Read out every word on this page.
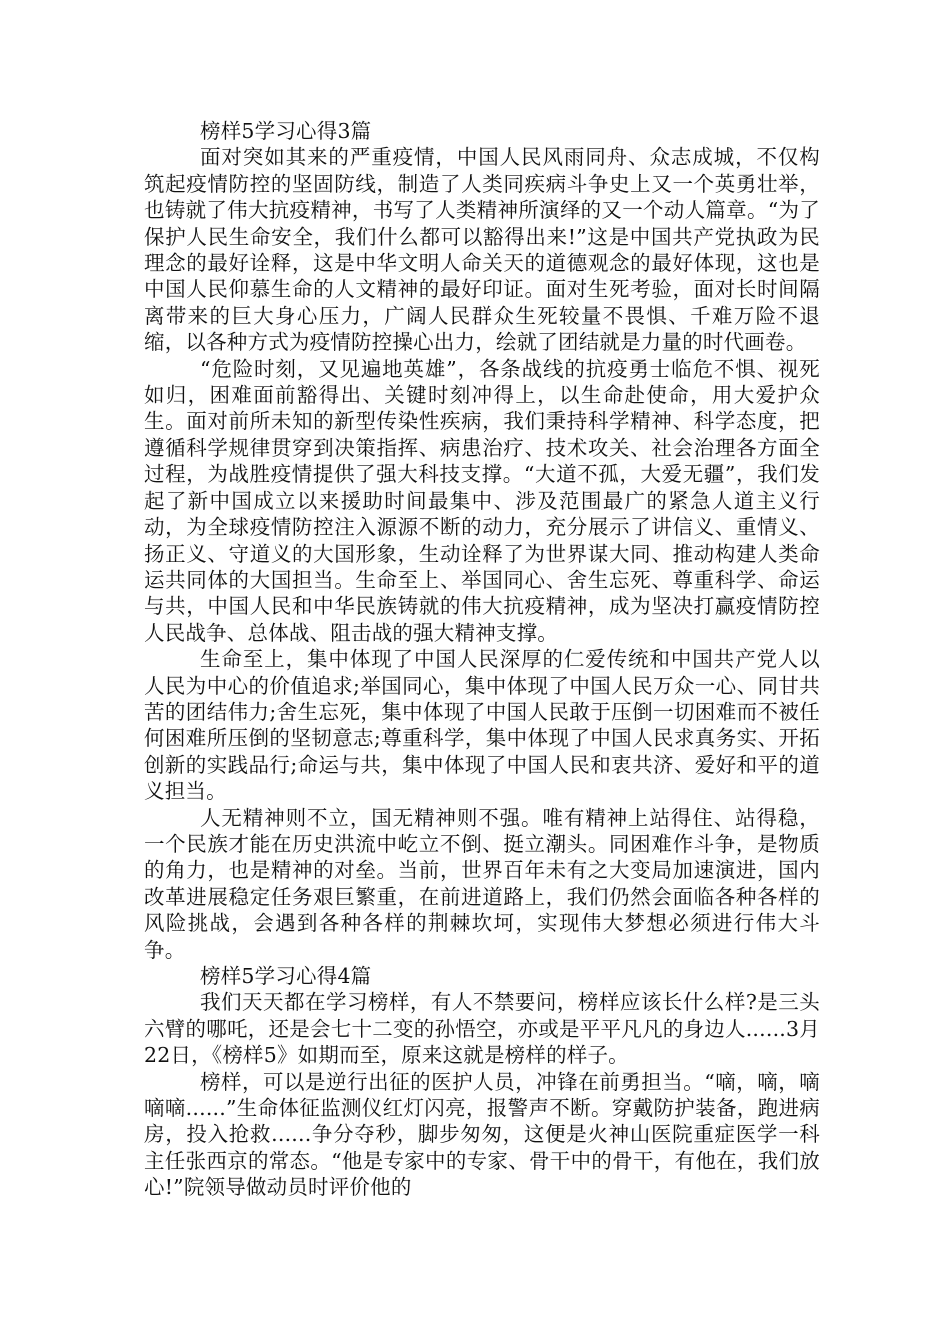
榜样5学习心得3篇

面对突如其来的严重疫情，中国人民风雨同舟、众志成城，不仅构筑起疫情防控的坚固防线，制造了人类同疾病斗争史上又一个英勇壮举，也铸就了伟大抗疫精神，书写了人类精神所演绎的又一个动人篇章。“为了保护人民生命安全，我们什么都可以豁得出来!”这是中国共产党执政为民理念的最好诠释，这是中华文明人命关天的道德观念的最好体现，这也是中国人民仰慕生命的人文精神的最好印证。面对生死考验，面对长时间隔离带来的巨大身心压力，广阔人民群众生死较量不畏惧、千难万险不退缩，以各种方式为疫情防控操心出力，绘就了团结就是力量的时代画卷。

“危险时刻，又见遍地英雄”，各条战线的抗疫勇士临危不惧、视死如归，困难面前豁得出、关键时刻冲得上，以生命赴使命，用大爱护众生。面对前所未知的新型传染性疾病，我们秉持科学精神、科学态度，把遵循科学规律贯穿到决策指挥、病患治疗、技术攻关、社会治理各方面全过程，为战胜疫情提供了强大科技支撑。“大道不孤，大爱无疆”，我们发起了新中国成立以来援助时间最集中、涉及范围最广的紧急人道主义行动，为全球疫情防控注入源源不断的动力，充分展示了讲信义、重情义、扬正义、守道义的大国形象，生动诠释了为世界谋大同、推动构建人类命运共同体的大国担当。生命至上、举国同心、舍生忘死、尊重科学、命运与共，中国人民和中华民族铸就的伟大抗疫精神，成为坚决打赢疫情防控人民战争、总体战、阻击战的强大精神支撑。

生命至上，集中体现了中国人民深厚的仁爱传统和中国共产党人以人民为中心的价值追求;举国同心，集中体现了中国人民万众一心、同甘共苦的团结伟力;舍生忘死，集中体现了中国人民敢于压倒一切困难而不被任何困难所压倒的坚韧意志;尊重科学，集中体现了中国人民求真务实、开拓创新的实践品行;命运与共，集中体现了中国人民和衷共济、爱好和平的道义担当。

人无精神则不立，国无精神则不强。唯有精神上站得住、站得稳，一个民族才能在历史洪流中屹立不倒、挺立潮头。同困难作斗争，是物质的角力，也是精神的对垒。当前，世界百年未有之大变局加速演进，国内改革进展稳定任务艰巨繁重，在前进道路上，我们仍然会面临各种各样的风险挑战，会遇到各种各样的荆棘坎坷，实现伟大梦想必须进行伟大斗争。

榜样5学习心得4篇

我们天天都在学习榜样，有人不禁要问，榜样应该长什么样?是三头六臂的哪吒，还是会七十二变的孙悟空，亦或是平平凡凡的身边人......3月22日，《榜样5》如期而至，原来这就是榜样的样子。

榜样，可以是逆行出征的医护人员，冲锋在前勇担当。“嘀，嘀，嘀嘀嘀......”生命体征监测仪红灯闪亮，报警声不断。穿戴防护装备，跑进病房，投入抢救......争分夺秒，脚步匆匆，这便是火神山医院重症医学一科主任张西京的常态。“他是专家中的专家、骨干中的骨干，有他在，我们放心!”院领导做动员时评价他的
